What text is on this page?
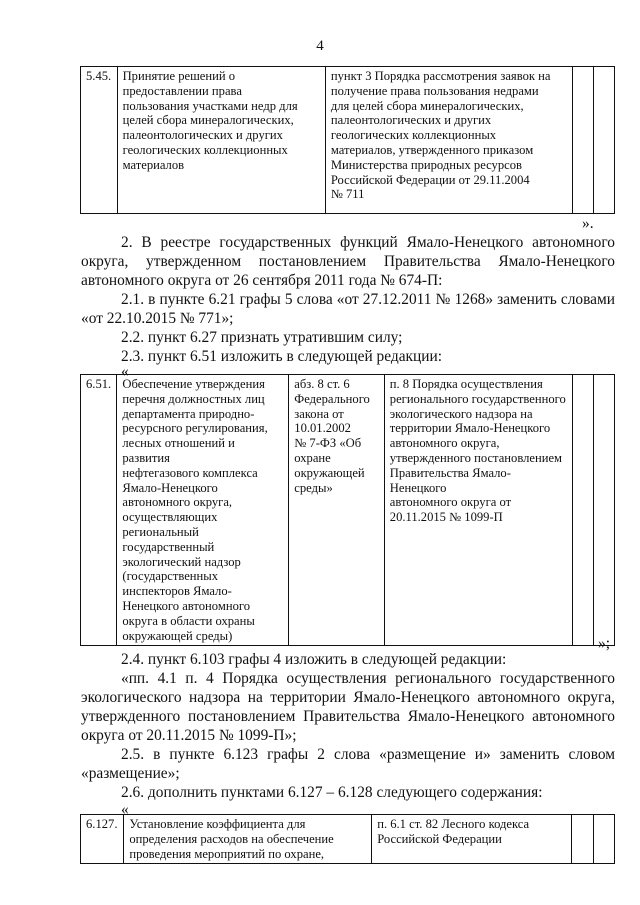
4
5.45.	Принятие решений о
предоставлении права
пользования участками недр для
целей сбора минералогических,
палеонтологических и других
геологических коллекционных
материалов	пункт 3 Порядка рассмотрения заявок на
получение права пользования недрами
для целей сбора минералогических,
палеонтологических и других
геологических коллекционных
материалов, утвержденного приказом
Министерства природных ресурсов
Российской Федерации от 29.11.2004
№ 711		
».
2. В реестре государственных функций Ямало-Ненецкого автономного
округа, утвержденном постановлением Правительства Ямало-Ненецкого
автономного округа от 26 сентября 2011 года № 674-П:
2.1. в пункте 6.21 графы 5 слова «от 27.12.2011 № 1268» заменить словами
«от 22.10.2015 № 771»;
2.2. пункт 6.27 признать утратившим силу;
2.3. пункт 6.51 изложить в следующей редакции:
«
6.51.	Обеспечение утверждения
перечня должностных лиц
департамента природно-
ресурсного регулирования,
лесных отношений и развития
нефтегазового комплекса
Ямало-Ненецкого
автономного округа,
осуществляющих
региональный
государственный
экологический надзор
(государственных
инспекторов Ямало-
Ненецкого автономного
округа в области охраны
окружающей среды)	абз. 8 ст. 6
Федерального
закона от
10.01.2002
№ 7-ФЗ «Об
охране
окружающей
среды»	п. 8 Порядка осуществления
регионального государственного
экологического надзора на
территории Ямало-Ненецкого
автономного округа,
утвержденного постановлением
Правительства Ямало-Ненецкого
автономного округа от
20.11.2015 № 1099-П		
»;
2.4. пункт 6.103 графы 4 изложить в следующей редакции:
«пп. 4.1 п. 4 Порядка осуществления регионального государственного
экологического надзора на территории Ямало-Ненецкого автономного округа,
утвержденного постановлением Правительства Ямало-Ненецкого автономного
округа от 20.11.2015 № 1099-П»;
2.5. в пункте 6.123 графы 2 слова «размещение и» заменить словом
«размещение»;
2.6. дополнить пунктами 6.127 – 6.128 следующего содержания:
«
6.127.	Установление коэффициента для
определения расходов на обеспечение
проведения мероприятий по охране,	п. 6.1 ст. 82 Лесного кодекса
Российской Федерации		
